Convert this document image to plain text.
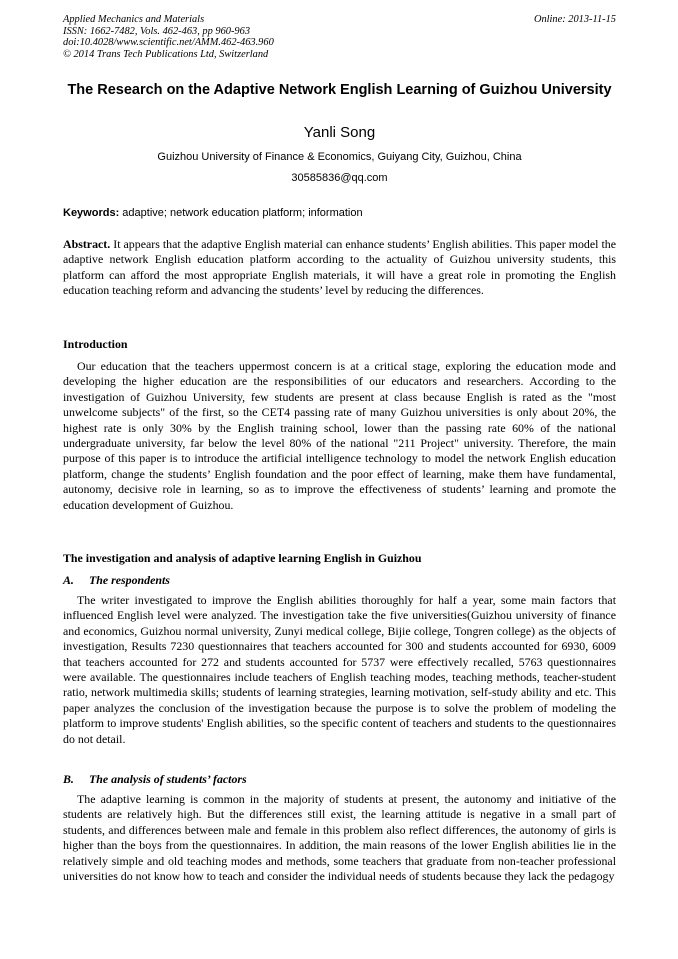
Applied Mechanics and Materials
ISSN: 1662-7482, Vols. 462-463, pp 960-963
doi:10.4028/www.scientific.net/AMM.462-463.960
© 2014 Trans Tech Publications Ltd, Switzerland
Online: 2013-11-15
The Research on the Adaptive Network English Learning of Guizhou University
Yanli Song
Guizhou University of Finance & Economics, Guiyang City, Guizhou, China
30585836@qq.com
Keywords: adaptive; network education platform; information
Abstract. It appears that the adaptive English material can enhance students’ English abilities. This paper model the adaptive network English education platform according to the actuality of Guizhou university students, this platform can afford the most appropriate English materials, it will have a great role in promoting the English education teaching reform and advancing the students’ level by reducing the differences.
Introduction
Our education that the teachers uppermost concern is at a critical stage, exploring the education mode and developing the higher education are the responsibilities of our educators and researchers. According to the investigation of Guizhou University, few students are present at class because English is rated as the "most unwelcome subjects" of the first, so the CET4 passing rate of many Guizhou universities is only about 20%, the highest rate is only 30% by the English training school, lower than the passing rate 60% of the national undergraduate university, far below the level 80% of the national "211 Project" university. Therefore, the main purpose of this paper is to introduce the artificial intelligence technology to model the network English education platform, change the students’ English foundation and the poor effect of learning, make them have fundamental, autonomy, decisive role in learning, so as to improve the effectiveness of students’ learning and promote the education development of Guizhou.
The investigation and analysis of adaptive learning English in Guizhou
A. The respondents
The writer investigated to improve the English abilities thoroughly for half a year, some main factors that influenced English level were analyzed. The investigation take the five universities(Guizhou university of finance and economics, Guizhou normal university, Zunyi medical college, Bijie college, Tongren college) as the objects of investigation, Results 7230 questionnaires that teachers accounted for 300 and students accounted for 6930, 6009 that teachers accounted for 272 and students accounted for 5737 were effectively recalled, 5763 questionnaires were available. The questionnaires include teachers of English teaching modes, teaching methods, teacher-student ratio, network multimedia skills; students of learning strategies, learning motivation, self-study ability and etc. This paper analyzes the conclusion of the investigation because the purpose is to solve the problem of modeling the platform to improve students' English abilities, so the specific content of teachers and students to the questionnaires do not detail.
B. The analysis of students’ factors
The adaptive learning is common in the majority of students at present, the autonomy and initiative of the students are relatively high. But the differences still exist, the learning attitude is negative in a small part of students, and differences between male and female in this problem also reflect differences, the autonomy of girls is higher than the boys from the questionnaires. In addition, the main reasons of the lower English abilities lie in the relatively simple and old teaching modes and methods, some teachers that graduate from non-teacher professional universities do not know how to teach and consider the individual needs of students because they lack the pedagogy
